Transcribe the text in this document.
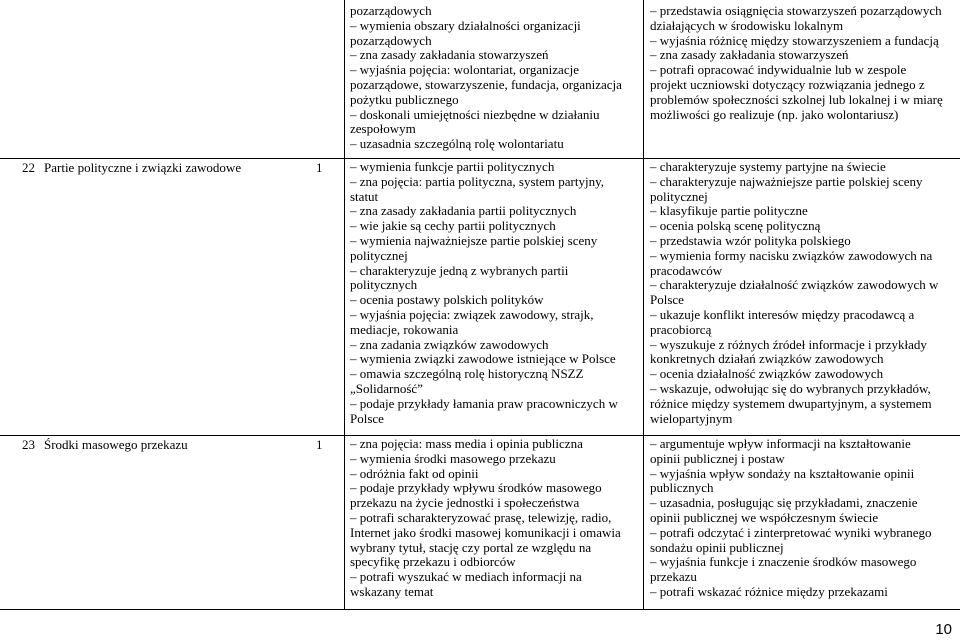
pozarządowych

– wymienia obszary działalności organizacji

pozarządowych

– zna zasady zakładania stowarzyszeń

– wyjaśnia pojęcia: wolontariat, organizacje

pozarządowe, stowarzyszenie, fundacja, organizacja

pożytku publicznego

– doskonali umiejętności niezbędne w działaniu

zespołowym

– uzasadnia szczególną rolę wolontariatu

– przedstawia osiągnięcia stowarzyszeń pozarządowych

działających w środowisku lokalnym

– wyjaśnia różnicę między stowarzyszeniem a fundacją

– zna zasady zakładania stowarzyszeń

– potrafi opracować indywidualnie lub w zespole

projekt uczniowski dotyczący rozwiązania jednego z

problemów społeczności szkolnej lub lokalnej i w miarę

możliwości go realizuje (np. jako wolontariusz)

22 Partie polityczne i związki zawodowe	1 – wymienia funkcje partii politycznych

– zna pojęcia: partia polityczna, system partyjny,

statut

– zna zasady zakładania partii politycznych

– wie jakie są cechy partii politycznych

– wymienia najważniejsze partie polskiej sceny

politycznej

– charakteryzuje jedną z wybranych partii

politycznych

– ocenia postawy polskich polityków

– wyjaśnia pojęcia: związek zawodowy, strajk,

mediacje, rokowania

– zna zadania związków zawodowych

– wymienia związki zawodowe istniejące w Polsce

– omawia szczególną rolę historyczną NSZZ

„Solidarność”

– podaje przykłady łamania praw pracowniczych w

Polsce

– charakteryzuje systemy partyjne na świecie

– charakteryzuje najważniejsze partie polskiej sceny

politycznej

– klasyfikuje partie polityczne

– ocenia polską scenę polityczną

– przedstawia wzór polityka polskiego

– wymienia formy nacisku związków zawodowych na

pracodawców

– charakteryzuje działalność związków zawodowych w

Polsce

– ukazuje konflikt interesów między pracodawcą a

pracobiorcą

– wyszukuje z różnych źródeł informacje i przykłady

konkretnych działań związków zawodowych

– ocenia działalność związków zawodowych

– wskazuje, odwołując się do wybranych przykładów,

różnice między systemem dwupartyjnym, a systemem

wielopartyjnym

23 Środki masowego przekazu	1 – zna pojęcia: mass media i opinia publiczna

– wymienia środki masowego przekazu

– odróżnia fakt od opinii

– podaje przykłady wpływu środków masowego

przekazu na życie jednostki i społeczeństwa

– potrafi scharakteryzować prasę, telewizję, radio,

Internet jako środki masowej komunikacji i omawia

wybrany tytuł, stację czy portal ze względu na

specyfikę przekazu i odbiorców

– potrafi wyszukać w mediach informacji na

wskazany temat

– argumentuje wpływ informacji na kształtowanie

opinii publicznej i postaw

– wyjaśnia wpływ sondaży na kształtowanie opinii

publicznych

– uzasadnia, posługując się przykładami, znaczenie

opinii publicznej we współczesnym świecie

– potrafi odczytać i zinterpretować wyniki wybranego

sondażu opinii publicznej

– wyjaśnia funkcje i znaczenie środków masowego

przekazu

– potrafi wskazać różnice między przekazami

10
